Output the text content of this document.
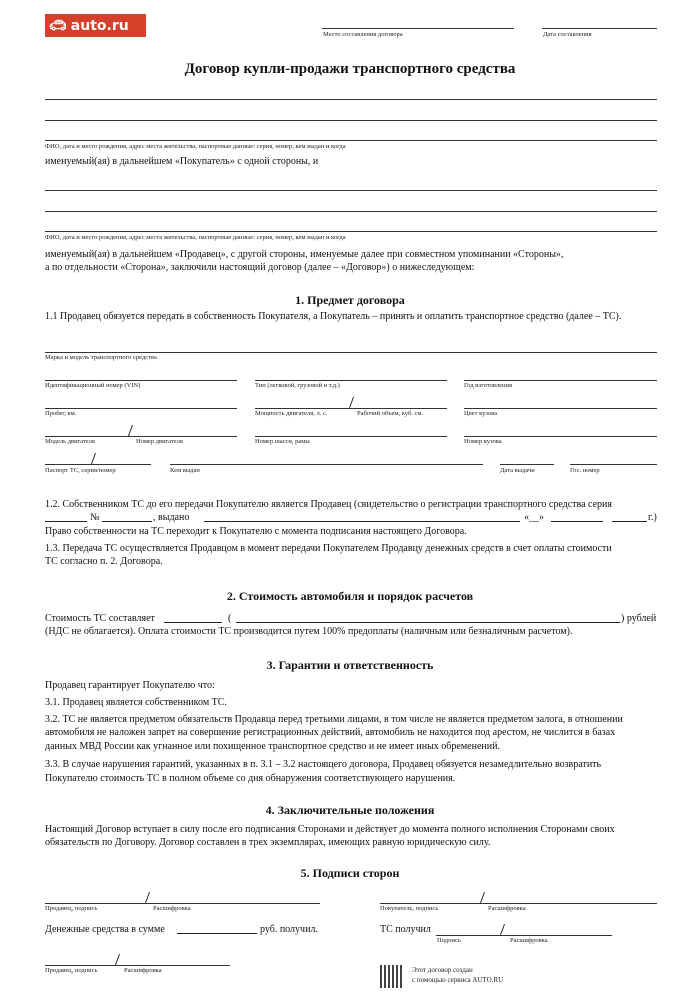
🚗︎ auto.ru
Место составления договора	Дата составления
Договор купли-продажи транспортного средства
ФИО, дата и место рождения, адрес места жительства, паспортные данные: серия, номер, кем выдан и когда
именуемый(ая) в дальнейшем «Покупатель» с одной стороны, и
ФИО, дата и место рождения, адрес места жительства, паспортные данные: серия, номер, кем выдан и когда
именуемый(ая) в дальнейшем «Продавец», с другой стороны, именуемые далее при совместном упоминании «Стороны»,
а по отдельности «Сторона», заключили настоящий договор (далее – «Договор») о нижеследующем:
1. Предмет договора
1.1 Продавец обязуется передать в собственность Покупателя, а Покупатель – принять и оплатить транспортное средство (далее – ТС).
Марка и модель транспортного средства
Идентификационный номер (VIN)	Тип (легковой, грузовой и т.д.)	Год изготовления
Пробег, км.	Мощность двигателя, л. с.	Рабочий объем, куб. см.	Цвет кузова
Модель двигателя	Номер двигателя	Номер шасси, рамы	Номер кузова
Паспорт ТС, серия/номер	Кем выдан	Дата выдачи	Гос. номер
1.2. Собственником ТС до его передачи Покупателю является Продавец (свидетельство о регистрации транспортного средства серия
№	, выдано	«__»	г.)
Право собственности на ТС переходит к Покупателю с момента подписания настоящего Договора.
1.3. Передача ТС осуществляется Продавцом в момент передачи Покупателем Продавцу денежных средств в счет оплаты стоимости
ТС согласно п. 2. Договора.
2. Стоимость автомобиля и порядок расчетов
Стоимость ТС составляет	(	) рублей
(НДС не облагается). Оплата стоимости ТС производится путем 100% предоплаты (наличным или безналичным расчетом).
3. Гарантии и ответственность
Продавец гарантирует Покупателю что:
3.1. Продавец является собственником ТС.
3.2. ТС не является предметом обязательств Продавца перед третьими лицами, в том числе не является предметом залога, в отношении
автомобиля не наложен запрет на совершение регистрационных действий, автомобиль не находится под арестом, не числится в базах
данных МВД России как угнанное или похищенное транспортное средство и не имеет иных обременений.
3.3. В случае нарушения гарантий, указанных в п. 3.1 – 3.2 настоящего договора, Продавец обязуется незамедлительно возвратить
Покупателю стоимость ТС в полном объеме со дня обнаружения соответствующего нарушения.
4. Заключительные положения
Настоящий Договор вступает в силу после его подписания Сторонами и действует до момента полного исполнения Сторонами своих
обязательств по Договору. Договор составлен в трех экземплярах, имеющих равную юридическую силу.
5. Подписи сторон
Продавец, подпись	Расшифровка	Покупатель, подпись	Расшифровка
Денежные средства в сумме	руб. получил.	ТС получил
Подпись	Расшифровка
Продавец, подпись	Расшифровка	Этот договор создан
с помощью сервиса AUTO.RU
